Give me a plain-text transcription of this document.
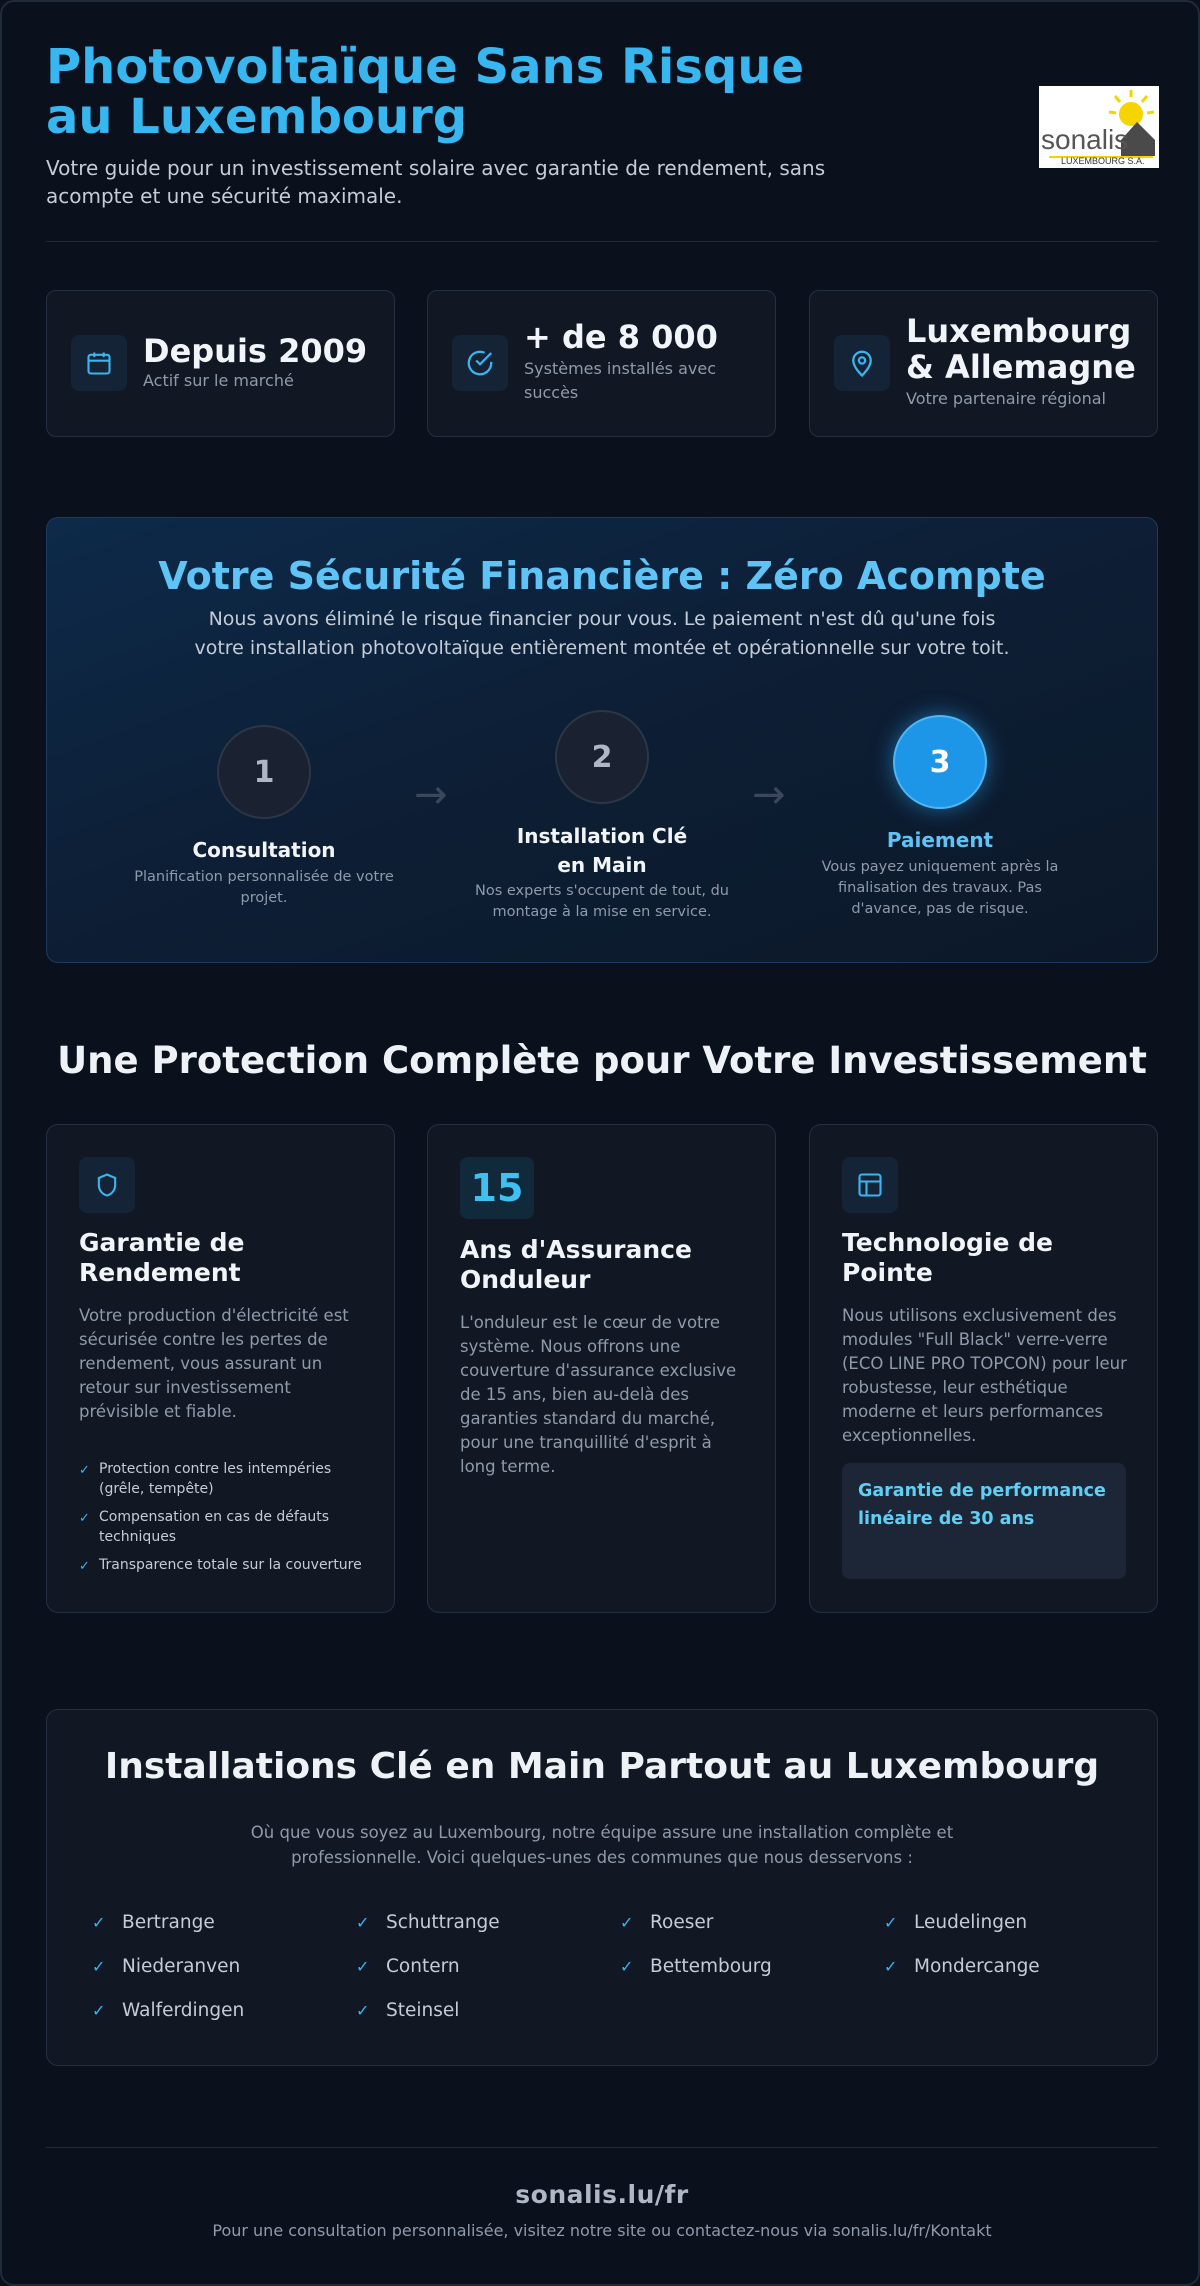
Photovoltaïque Sans Risque au Luxembourg
Votre guide pour un investissement solaire avec garantie de rendement, sans acompte et une sécurité maximale.
sonalis
LUXEMBOURG S.A.
Depuis 2009
Actif sur le marché
+ de 8 000
Systèmes installés avec succès
Luxembourg & Allemagne
Votre partenaire régional
Votre Sécurité Financière : Zéro Acompte
Nous avons éliminé le risque financier pour vous. Le paiement n'est dû qu'une fois votre installation photovoltaïque entièrement montée et opérationnelle sur votre toit.
1
Consultation
Planification personnalisée de votre projet.
→
2
Installation Clé en Main
Nos experts s'occupent de tout, du montage à la mise en service.
→
3
Paiement
Vous payez uniquement après la finalisation des travaux. Pas d'avance, pas de risque.
Une Protection Complète pour Votre Investissement
Garantie de Rendement
Votre production d'électricité est sécurisée contre les pertes de rendement, vous assurant un retour sur investissement prévisible et fiable.
✓ Protection contre les intempéries (grêle, tempête)
✓ Compensation en cas de défauts techniques
✓ Transparence totale sur la couverture
15
Ans d'Assurance Onduleur
L'onduleur est le cœur de votre système. Nous offrons une couverture d'assurance exclusive de 15 ans, bien au-delà des garanties standard du marché, pour une tranquillité d'esprit à long terme.
Technologie de Pointe
Nous utilisons exclusivement des modules "Full Black" verre-verre (ECO LINE PRO TOPCON) pour leur robustesse, leur esthétique moderne et leurs performances exceptionnelles.
Garantie de performance linéaire de 30 ans
Installations Clé en Main Partout au Luxembourg
Où que vous soyez au Luxembourg, notre équipe assure une installation complète et professionnelle. Voici quelques-unes des communes que nous desservons :
✓ Bertrange	✓ Schuttrange	✓ Roeser	✓ Leudelingen
✓ Niederanven	✓ Contern	✓ Bettembourg	✓ Mondercange
✓ Walferdingen	✓ Steinsel
sonalis.lu/fr
Pour une consultation personnalisée, visitez notre site ou contactez-nous via sonalis.lu/fr/Kontakt
